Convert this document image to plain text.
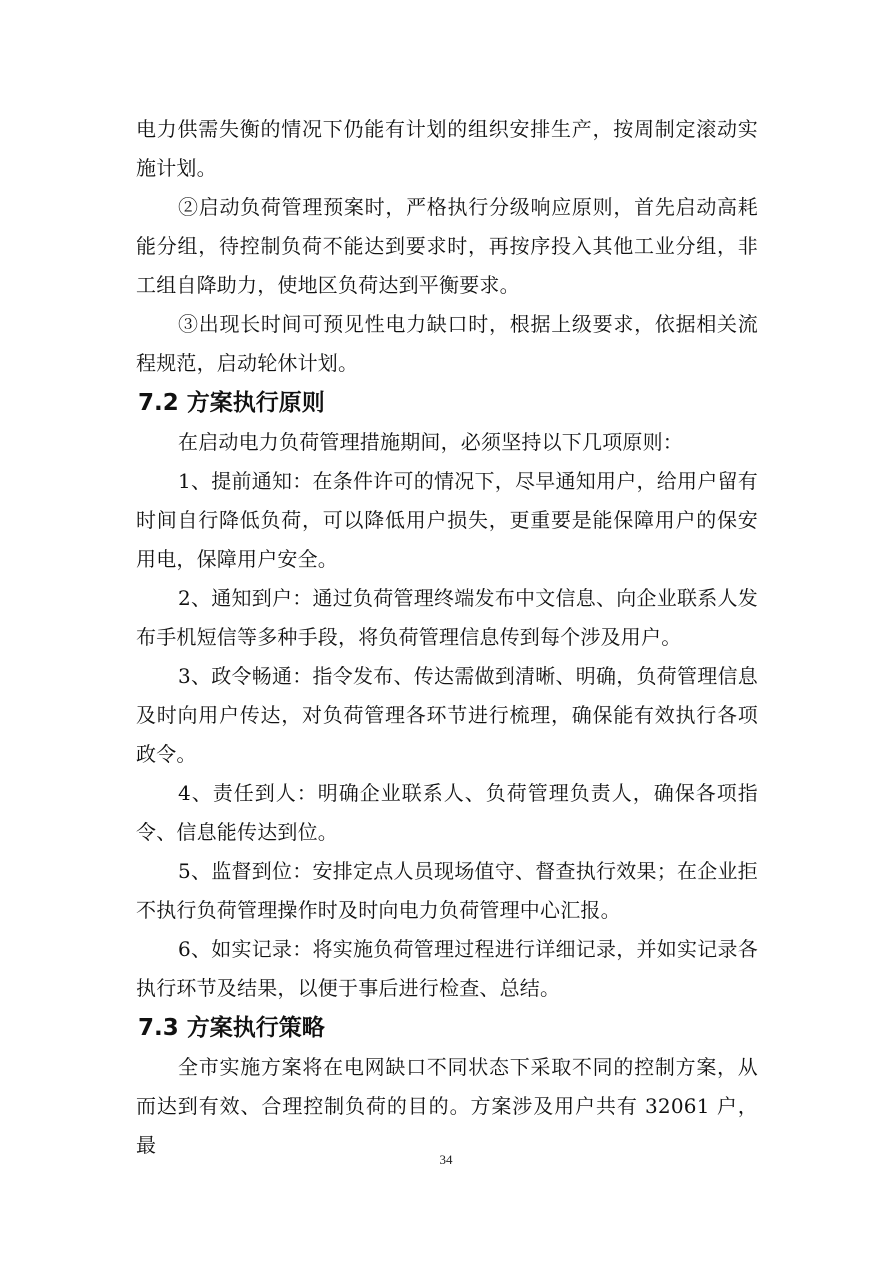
电力供需失衡的情况下仍能有计划的组织安排生产，按周制定滚动实施计划。

②启动负荷管理预案时，严格执行分级响应原则，首先启动高耗能分组，待控制负荷不能达到要求时，再按序投入其他工业分组，非工组自降助力，使地区负荷达到平衡要求。

③出现长时间可预见性电力缺口时，根据上级要求，依据相关流程规范，启动轮休计划。

7.2 方案执行原则

在启动电力负荷管理措施期间，必须坚持以下几项原则：

1、提前通知：在条件许可的情况下，尽早通知用户，给用户留有时间自行降低负荷，可以降低用户损失，更重要是能保障用户的保安用电，保障用户安全。

2、通知到户：通过负荷管理终端发布中文信息、向企业联系人发布手机短信等多种手段，将负荷管理信息传到每个涉及用户。

3、政令畅通：指令发布、传达需做到清晰、明确，负荷管理信息及时向用户传达，对负荷管理各环节进行梳理，确保能有效执行各项政令。

4、责任到人：明确企业联系人、负荷管理负责人，确保各项指令、信息能传达到位。

5、监督到位：安排定点人员现场值守、督查执行效果；在企业拒不执行负荷管理操作时及时向电力负荷管理中心汇报。

6、如实记录：将实施负荷管理过程进行详细记录，并如实记录各执行环节及结果，以便于事后进行检查、总结。

7.3 方案执行策略

全市实施方案将在电网缺口不同状态下采取不同的控制方案，从而达到有效、合理控制负荷的目的。方案涉及用户共有 32061 户，最

34
